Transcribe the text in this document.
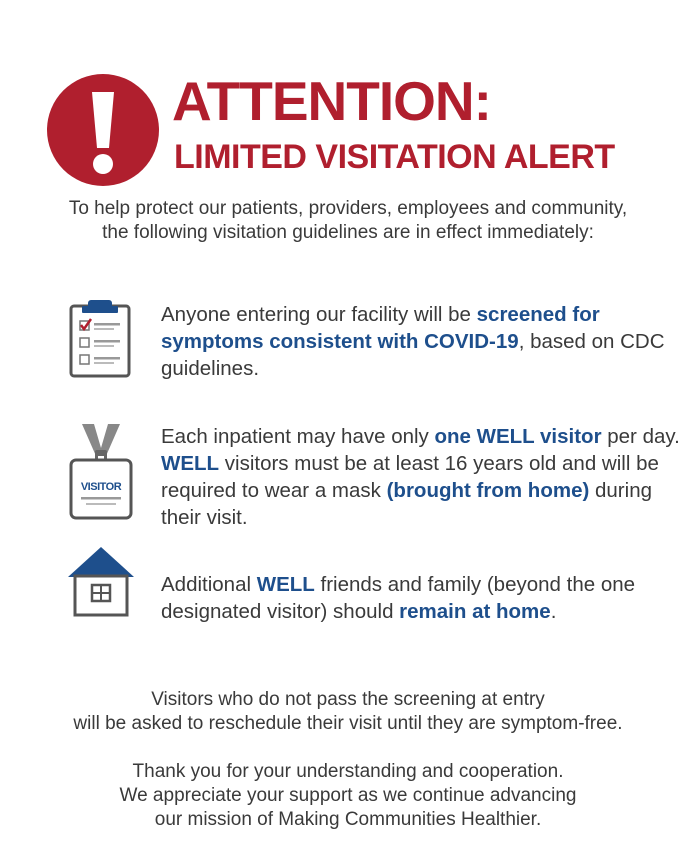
ATTENTION:
LIMITED VISITATION ALERT
To help protect our patients, providers, employees and community,
the following visitation guidelines are in effect immediately:
Anyone entering our facility will be screened for symptoms consistent with COVID-19, based on CDC guidelines.
VISITOR
Each inpatient may have only one WELL visitor per day. WELL visitors must be at least 16 years old and will be required to wear a mask (brought from home) during their visit.
Additional WELL friends and family (beyond the one designated visitor) should remain at home.
Visitors who do not pass the screening at entry
will be asked to reschedule their visit until they are symptom-free.
Thank you for your understanding and cooperation.
We appreciate your support as we continue advancing
our mission of Making Communities Healthier.
